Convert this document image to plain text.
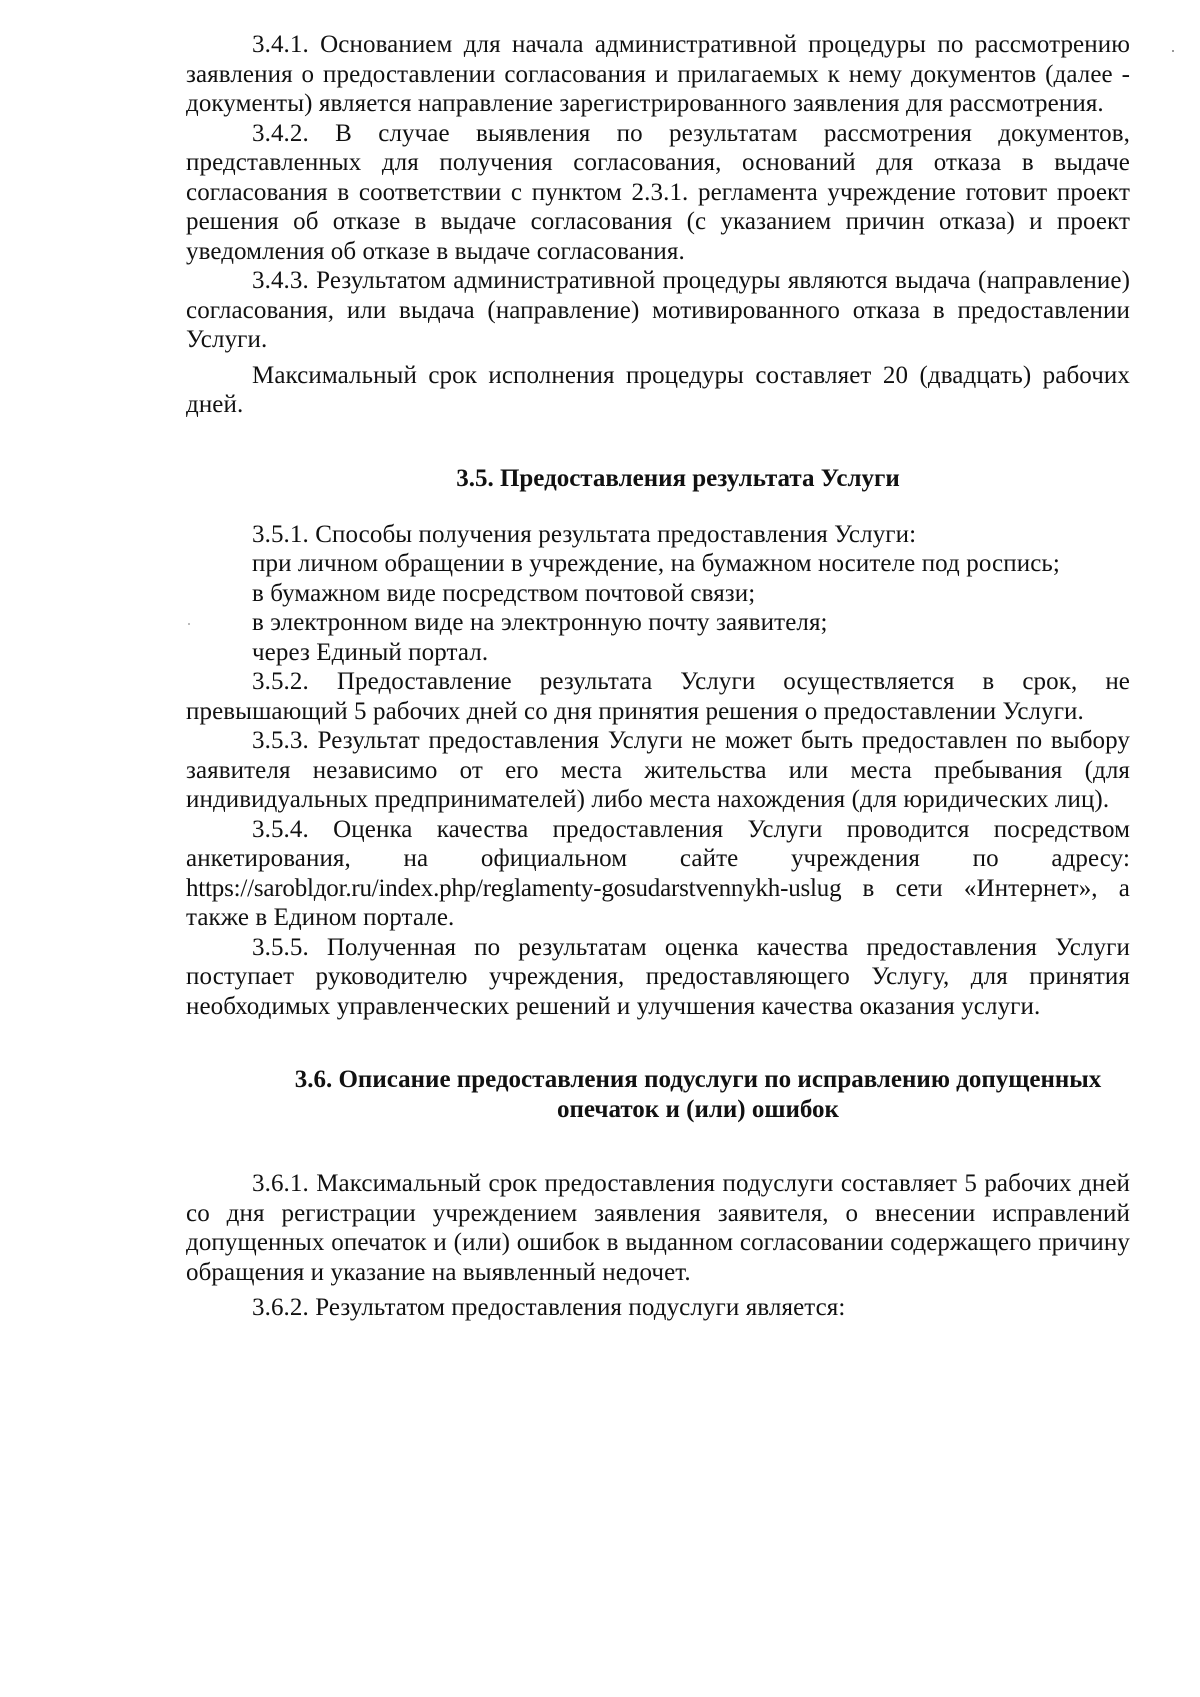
3.4.1. Основанием для начала административной процедуры по рассмотрению заявления о предоставлении согласования и прилагаемых к нему документов (далее - документы) является направление зарегистрированного заявления для рассмотрения.

3.4.2. В случае выявления по результатам рассмотрения документов, представленных для получения согласования, оснований для отказа в выдаче согласования в соответствии с пунктом 2.3.1. регламента учреждение готовит проект решения об отказе в выдаче согласования (с указанием причин отказа) и проект уведомления об отказе в выдаче согласования.

3.4.3. Результатом административной процедуры являются выдача (направление) согласования, или выдача (направление) мотивированного отказа в предоставлении Услуги.

Максимальный срок исполнения процедуры составляет 20 (двадцать) рабочих дней.

3.5. Предоставления результата Услуги

3.5.1. Способы получения результата предоставления Услуги:

при личном обращении в учреждение, на бумажном носителе под роспись;

в бумажном виде посредством почтовой связи;

в электронном виде на электронную почту заявителя;

через Единый портал.

3.5.2. Предоставление результата Услуги осуществляется в срок, не превышающий 5 рабочих дней со дня принятия решения о предоставлении Услуги.

3.5.3. Результат предоставления Услуги не может быть предоставлен по выбору заявителя независимо от его места жительства или места пребывания (для индивидуальных предпринимателей) либо места нахождения (для юридических лиц).

3.5.4. Оценка качества предоставления Услуги проводится посредством анкетирования, на официальном сайте учреждения по адресу: https://saroblдоr.ru/index.php/reglamenty-gosudarstvennykh-uslug в сети «Интернет», а также в Едином портале.

3.5.5. Полученная по результатам оценка качества предоставления Услуги поступает руководителю учреждения, предоставляющего Услугу, для принятия необходимых управленческих решений и улучшения качества оказания услуги.

3.6. Описание предоставления подуслуги по исправлению допущенных
опечаток и (или) ошибок

3.6.1. Максимальный срок предоставления подуслуги составляет 5 рабочих дней со дня регистрации учреждением заявления заявителя, о внесении исправлений допущенных опечаток и (или) ошибок в выданном согласовании содержащего причину обращения и указание на выявленный недочет.

3.6.2. Результатом предоставления подуслуги является:
